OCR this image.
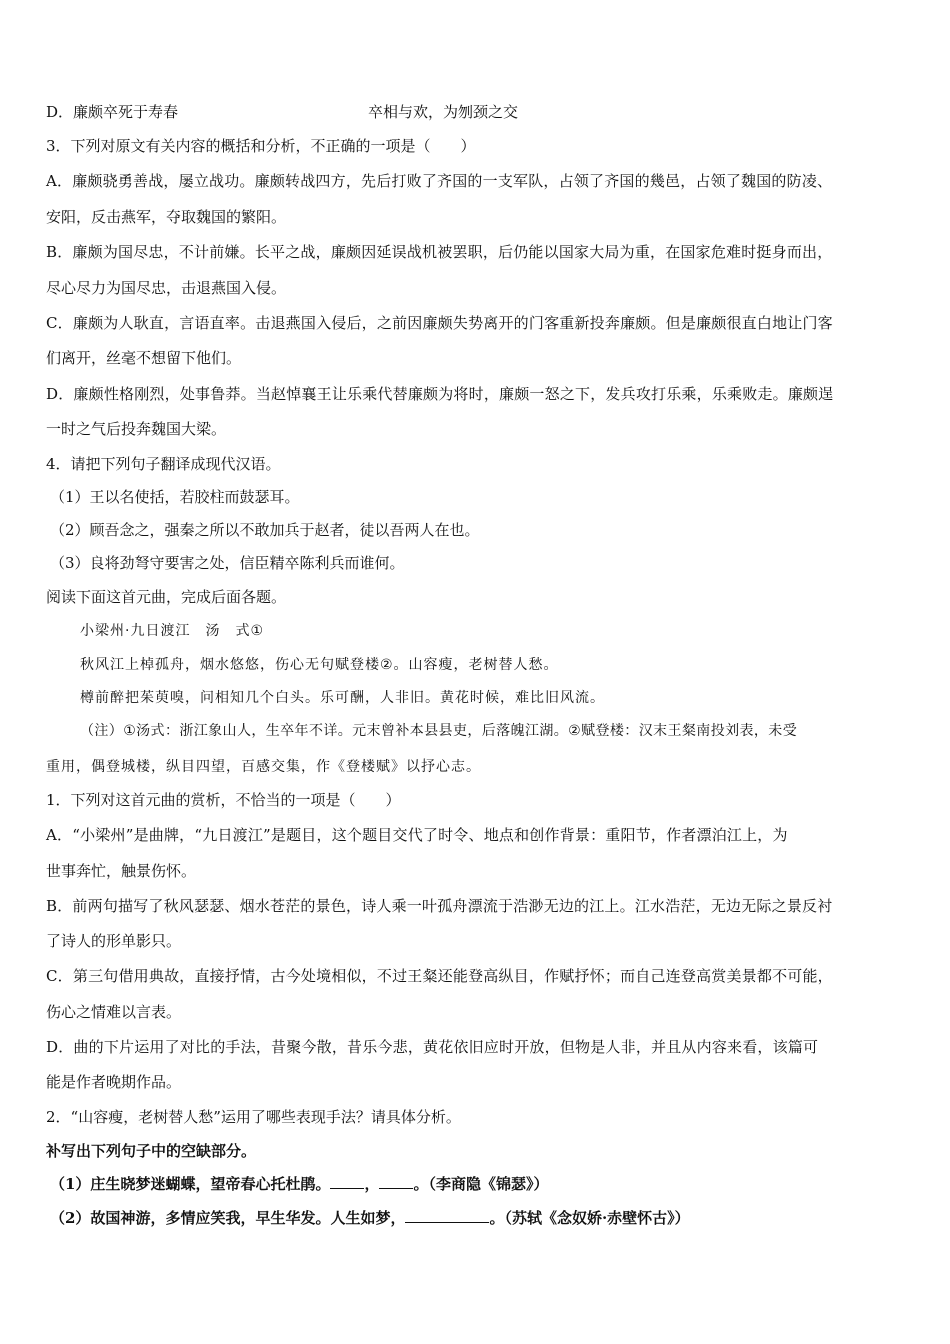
D．廉颇卒死于寿春	卒相与欢，为刎颈之交
3．下列对原文有关内容的概括和分析，不正确的一项是（　　）
A．廉颇骁勇善战，屡立战功。廉颇转战四方，先后打败了齐国的一支军队，占领了齐国的幾邑，占领了魏国的防凌、
安阳，反击燕军，夺取魏国的繁阳。
B．廉颇为国尽忠，不计前嫌。长平之战，廉颇因延误战机被罢职，后仍能以国家大局为重，在国家危难时挺身而出，
尽心尽力为国尽忠，击退燕国入侵。
C．廉颇为人耿直，言语直率。击退燕国入侵后，之前因廉颇失势离开的门客重新投奔廉颇。但是廉颇很直白地让门客
们离开，丝毫不想留下他们。
D．廉颇性格刚烈，处事鲁莽。当赵悼襄王让乐乘代替廉颇为将时，廉颇一怒之下，发兵攻打乐乘，乐乘败走。廉颇逞
一时之气后投奔魏国大梁。
4．请把下列句子翻译成现代汉语。
（1）王以名使括，若胶柱而鼓瑟耳。
（2）顾吾念之，强秦之所以不敢加兵于赵者，徒以吾两人在也。
（3）良将劲弩守要害之处，信臣精卒陈利兵而谁何。
阅读下面这首元曲，完成后面各题。
小梁州·九日渡江　汤　式①
秋风江上棹孤舟，烟水悠悠，伤心无句赋登楼②。山容瘦，老树替人愁。
樽前醉把茱萸嗅，问相知几个白头。乐可酬，人非旧。黄花时候，难比旧风流。
（注）①汤式：浙江象山人，生卒年不详。元末曾补本县县吏，后落魄江湖。②赋登楼：汉末王粲南投刘表，未受
重用，偶登城楼，纵目四望，百感交集，作《登楼赋》以抒心志。
1．下列对这首元曲的赏析，不恰当的一项是（　　）
A．“小梁州”是曲牌，“九日渡江”是题目，这个题目交代了时令、地点和创作背景：重阳节，作者漂泊江上，为
世事奔忙，触景伤怀。
B．前两句描写了秋风瑟瑟、烟水苍茫的景色，诗人乘一叶孤舟漂流于浩渺无边的江上。江水浩茫，无边无际之景反衬
了诗人的形单影只。
C．第三句借用典故，直接抒情，古今处境相似，不过王粲还能登高纵目，作赋抒怀；而自己连登高赏美景都不可能，
伤心之情难以言表。
D．曲的下片运用了对比的手法，昔聚今散，昔乐今悲，黄花依旧应时开放，但物是人非，并且从内容来看，该篇可
能是作者晚期作品。
2．“山容瘦，老树替人愁”运用了哪些表现手法？请具体分析。
补写出下列句子中的空缺部分。
（1）庄生晓梦迷蝴蝶，望帝春心托杜鹃。 ， 。（李商隐《锦瑟》）
（2）故国神游，多情应笑我，早生华发。人生如梦，	。（苏轼《念奴娇·赤壁怀古》）
